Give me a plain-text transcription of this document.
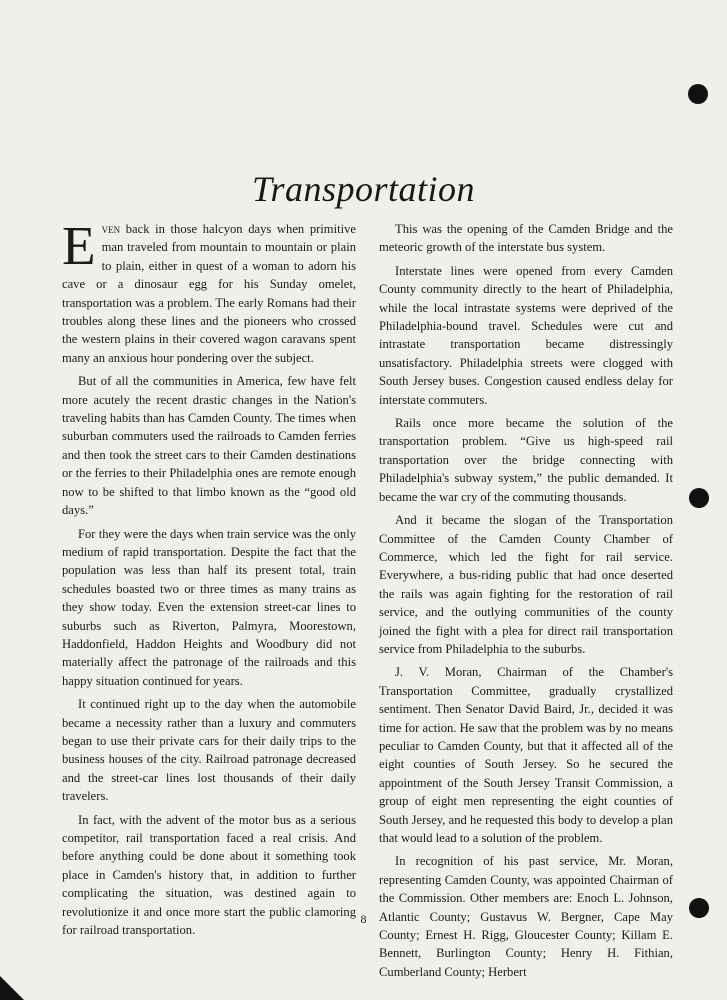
Transportation

Even back in those halcyon days when primitive man traveled from mountain to mountain or plain to plain, either in quest of a woman to adorn his cave or a dinosaur egg for his Sunday omelet, transportation was a problem. The early Romans had their troubles along these lines and the pioneers who crossed the western plains in their covered wagon caravans spent many an anxious hour pondering over the subject.

But of all the communities in America, few have felt more acutely the recent drastic changes in the Nation's traveling habits than has Camden County. The times when suburban commuters used the railroads to Camden ferries and then took the street cars to their Camden destinations or the ferries to their Philadelphia ones are remote enough now to be shifted to that limbo known as the “good old days.”

For they were the days when train service was the only medium of rapid transportation. Despite the fact that the population was less than half its present total, train schedules boasted two or three times as many trains as they show today. Even the extension street-car lines to suburbs such as Riverton, Palmyra, Moorestown, Haddonfield, Haddon Heights and Woodbury did not materially affect the patronage of the railroads and this happy situation continued for years.

It continued right up to the day when the automobile became a necessity rather than a luxury and commuters began to use their private cars for their daily trips to the business houses of the city. Railroad patronage decreased and the street-car lines lost thousands of their daily travelers.

In fact, with the advent of the motor bus as a serious competitor, rail transportation faced a real crisis. And before anything could be done about it something took place in Camden's history that, in addition to further complicating the situation, was destined again to revolutionize it and once more start the public clamoring for railroad transportation.

This was the opening of the Camden Bridge and the meteoric growth of the interstate bus system.

Interstate lines were opened from every Camden County community directly to the heart of Philadelphia, while the local intrastate systems were deprived of the Philadelphia-bound travel. Schedules were cut and intrastate transportation became distressingly unsatisfactory. Philadelphia streets were clogged with South Jersey buses. Congestion caused endless delay for interstate commuters.

Rails once more became the solution of the transportation problem. “Give us high-speed rail transportation over the bridge connecting with Philadelphia's subway system,” the public demanded. It became the war cry of the commuting thousands.

And it became the slogan of the Transportation Committee of the Camden County Chamber of Commerce, which led the fight for rail service. Everywhere, a bus-riding public that had once deserted the rails was again fighting for the restoration of rail service, and the outlying communities of the county joined the fight with a plea for direct rail transportation service from Philadelphia to the suburbs.

J. V. Moran, Chairman of the Chamber's Transportation Committee, gradually crystallized sentiment. Then Senator David Baird, Jr., decided it was time for action. He saw that the problem was by no means peculiar to Camden County, but that it affected all of the eight counties of South Jersey. So he secured the appointment of the South Jersey Transit Commission, a group of eight men representing the eight counties of South Jersey, and he requested this body to develop a plan that would lead to a solution of the problem.

In recognition of his past service, Mr. Moran, representing Camden County, was appointed Chairman of the Commission. Other members are: Enoch L. Johnson, Atlantic County; Gustavus W. Bergner, Cape May County; Ernest H. Rigg, Gloucester County; Killam E. Bennett, Burlington County; Henry H. Fithian, Cumberland County; Herbert

8
